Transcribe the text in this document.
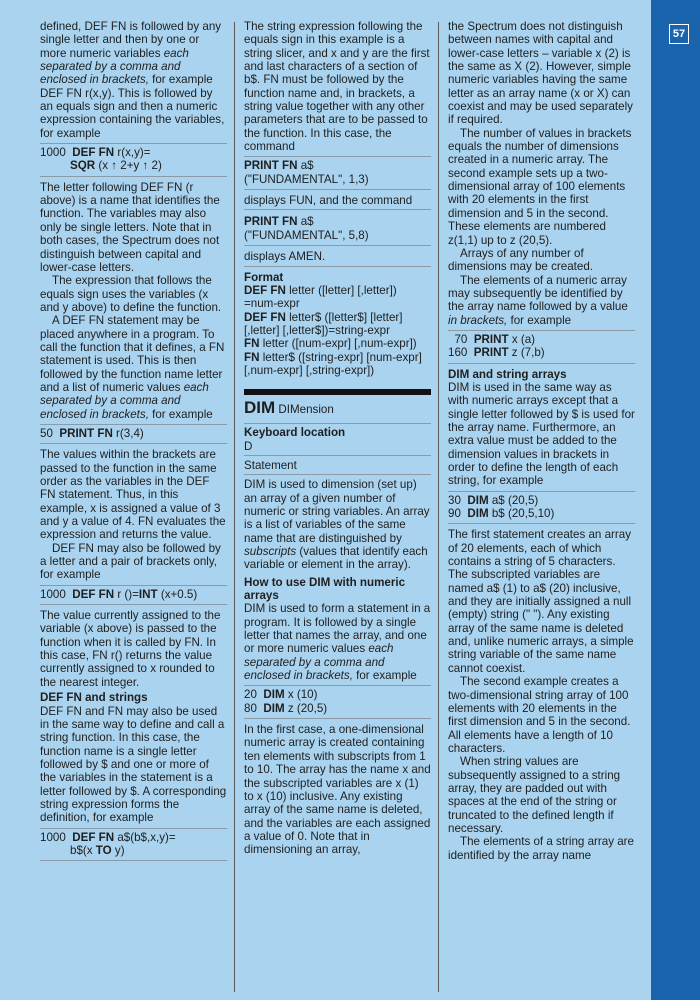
defined, DEF FN is followed by any single letter and then by one or more numeric variables each separated by a comma and enclosed in brackets, for example DEF FN r(x,y). This is followed by an equals sign and then a numeric expression containing the variables, for example

1000 DEF FN r(x,y)=
SQR (x ↑ 2+y ↑ 2)

The letter following DEF FN (r above) is a name that identifies the function. The variables may also only be single letters. Note that in both cases, the Spectrum does not distinguish between capital and lower-case letters.

The expression that follows the equals sign uses the variables (x and y above) to define the function.

A DEF FN statement may be placed anywhere in a program. To call the function that it defines, a FN statement is used. This is then followed by the function name letter and a list of numeric values each separated by a comma and enclosed in brackets, for example

50 PRINT FN r(3,4)

The values within the brackets are passed to the function in the same order as the variables in the DEF FN statement. Thus, in this example, x is assigned a value of 3 and y a value of 4. FN evaluates the expression and returns the value.

DEF FN may also be followed by a letter and a pair of brackets only, for example

1000 DEF FN r ()=INT (x+0.5)

The value currently assigned to the variable (x above) is passed to the function when it is called by FN. In this case, FN r() returns the value currently assigned to x rounded to the nearest integer.

DEF FN and strings

DEF FN and FN may also be used in the same way to define and call a string function. In this case, the function name is a single letter followed by $ and one or more of the variables in the statement is a letter followed by $. A corresponding string expression forms the definition, for example

1000 DEF FN a$(b$,x,y)=
b$(x TO y)

The string expression following the equals sign in this example is a string slicer, and x and y are the first and last characters of a section of b$. FN must be followed by the function name and, in brackets, a string value together with any other parameters that are to be passed to the function. In this case, the command

PRINT FN a$
("FUNDAMENTAL", 1,3)

displays FUN, and the command

PRINT FN a$
("FUNDAMENTAL", 5,8)

displays AMEN.

Format

DEF FN letter ([letter] [,letter]) =num-expr

DEF FN letter$ ([letter$] [letter] [,letter] [,letter$])=string-expr

FN letter ([num-expr] [,num-expr])

FN letter$ ([string-expr] [num-expr] [,num-expr] [,string-expr])

DIM DIMension

Keyboard location

D

Statement

DIM is used to dimension (set up) an array of a given number of numeric or string variables. An array is a list of variables of the same name that are distinguished by subscripts (values that identify each variable or element in the array).

How to use DIM with numeric arrays

DIM is used to form a statement in a program. It is followed by a single letter that names the array, and one or more numeric values each separated by a comma and enclosed in brackets, for example

20 DIM x (10)
80 DIM z (20,5)

In the first case, a one-dimensional numeric array is created containing ten elements with subscripts from 1 to 10. The array has the name x and the subscripted variables are x (1) to x (10) inclusive. Any existing array of the same name is deleted, and the variables are each assigned a value of 0. Note that in dimensioning an array,

the Spectrum does not distinguish between names with capital and lower-case letters – variable x (2) is the same as X (2). However, simple numeric variables having the same letter as an array name (x or X) can coexist and may be used separately if required.

The number of values in brackets equals the number of dimensions created in a numeric array. The second example sets up a two-dimensional array of 100 elements with 20 elements in the first dimension and 5 in the second. These elements are numbered z(1,1) up to z (20,5).

Arrays of any number of dimensions may be created.

The elements of a numeric array may subsequently be identified by the array name followed by a value in brackets, for example

70 PRINT x (a)
160 PRINT z (7,b)

DIM and string arrays

DIM is used in the same way as with numeric arrays except that a single letter followed by $ is used for the array name. Furthermore, an extra value must be added to the dimension values in brackets in order to define the length of each string, for example

30 DIM a$ (20,5)
90 DIM b$ (20,5,10)

The first statement creates an array of 20 elements, each of which contains a string of 5 characters. The subscripted variables are named a$ (1) to a$ (20) inclusive, and they are initially assigned a null (empty) string (" "). Any existing array of the same name is deleted and, unlike numeric arrays, a simple string variable of the same name cannot coexist.

The second example creates a two-dimensional string array of 100 elements with 20 elements in the first dimension and 5 in the second. All elements have a length of 10 characters.

When string values are subsequently assigned to a string array, they are padded out with spaces at the end of the string or truncated to the defined length if necessary.

The elements of a string array are identified by the array name

57
